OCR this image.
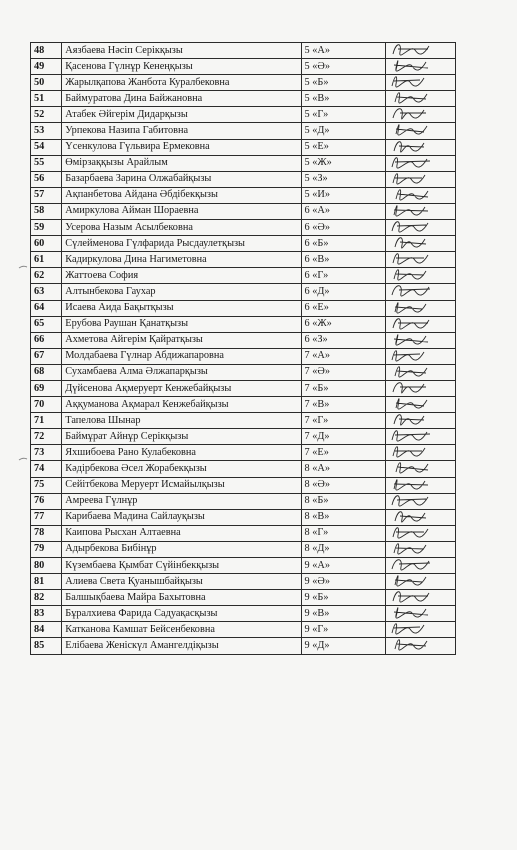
48	Аязбаева Нәсіп Серікқызы	5 «А»	

49	Қасенова Гүлнұр Кенеңқызы	5 «Ә»	

50	Жарылқапова Жанбота Куралбековна	5 «Б»	

51	Баймуратова Дина Байжановна	5 «В»	

52	Атабек Әйгерім Дидарқызы	5 «Г»	

53	Урпекова Назипа Габитовна	5 «Д»	

54	Үсенкулова Гүльвира Ермековна	5 «Е»	

55	Өмірзаққызы Арайлым	5 «Ж»	

56	Базарбаева Зарина Олжабайқызы	5 «З»	

57	Ақпанбетова Айдана Әбдібекқызы	5 «И»	

58	Амиркулова Айман Шораевна	6 «А»	

59	Усерова Назым Асылбековна	6 «Ә»	

60	Сүлейменова Гүлфарида Рысдаулетқызы	6 «Б»	

61	Кадиркулова Дина Нагиметовна	6 «В»	

62	Жаттоева София	6 «Г»	

63	Алтынбекова Гаухар	6 «Д»	

64	Исаева Аида Бақытқызы	6 «Е»	

65	Ерубова Раушан Қанатқызы	6 «Ж»	

66	Ахметова Айгерім Қайратқызы	6 «З»	

67	Молдабаева Гүлнар Абдижапаровна	7 «А»	

68	Сухамбаева Алма Әлжапарқызы	7 «Ә»	

69	Дүйсенова Ақмеруерт Кенжебайқызы	7 «Б»	

70	Аққуманова Ақмарал Кенжебайқызы	7 «В»	

71	Тапелова Шынар	7 «Г»	

72	Баймұрат Айнұр Серікқызы	7 «Д»	

73	Яхшибоева Рано Кулабековна	7 «Е»	

74	Кәдірбекова Әсел Жорабекқызы	8 «А»	

75	Сейітбекова Меруерт Исмайылқызы	8 «Ә»	

76	Амреева Гүлнұр	8 «Б»	

77	Карибаева Мадина Сайлауқызы	8 «В»	

78	Каипова Рысхан Алтаевна	8 «Г»	

79	Адырбекова Бибінұр	8 «Д»	

80	Күзембаева Қымбат Сүйінбекқызы	9 «А»	

81	Алиева Света Қуанышбайқызы	9 «Ә»	

82	Балшықбаева Майра Бахытовна	9 «Б»	

83	Бұралхиева Фарида Садуақасқызы	9 «В»	

84	Катканова Камшат Бейсенбековна	9 «Г»	

85	Елібаева Женіскүл Амангелдіқызы	9 «Д»	
